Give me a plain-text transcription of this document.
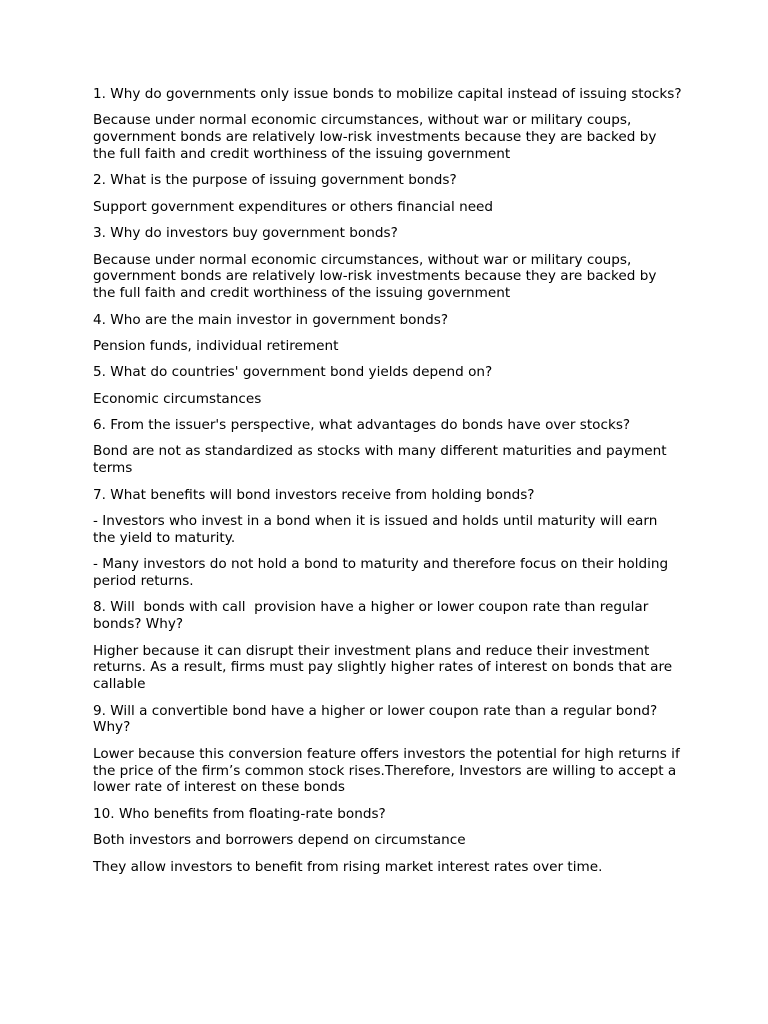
1. Why do governments only issue bonds to mobilize capital instead of issuing stocks?

Because under normal economic circumstances, without war or military coups, government bonds are relatively low-risk investments because they are backed by the full faith and credit worthiness of the issuing government

2. What is the purpose of issuing government bonds?

Support government expenditures or others financial need

3. Why do investors buy government bonds?

Because under normal economic circumstances, without war or military coups, government bonds are relatively low-risk investments because they are backed by the full faith and credit worthiness of the issuing government

4. Who are the main investor in government bonds?

Pension funds, individual retirement

5. What do countries' government bond yields depend on?

Economic circumstances

6. From the issuer's perspective, what advantages do bonds have over stocks?

Bond are not as standardized as stocks with many different maturities and payment terms

7. What benefits will bond investors receive from holding bonds?

- Investors who invest in a bond when it is issued and holds until maturity will earn the yield to maturity.

- Many investors do not hold a bond to maturity and therefore focus on their holding period returns.

8. Will  bonds with call  provision have a higher or lower coupon rate than regular bonds? Why?

Higher because it can disrupt their investment plans and reduce their investment returns. As a result, firms must pay slightly higher rates of interest on bonds that are callable

9. Will a convertible bond have a higher or lower coupon rate than a regular bond? Why?

Lower because this conversion feature offers investors the potential for high returns if the price of the firm’s common stock rises.Therefore, Investors are willing to accept a lower rate of interest on these bonds

10. Who benefits from floating-rate bonds?

Both investors and borrowers depend on circumstance

They allow investors to benefit from rising market interest rates over time.
